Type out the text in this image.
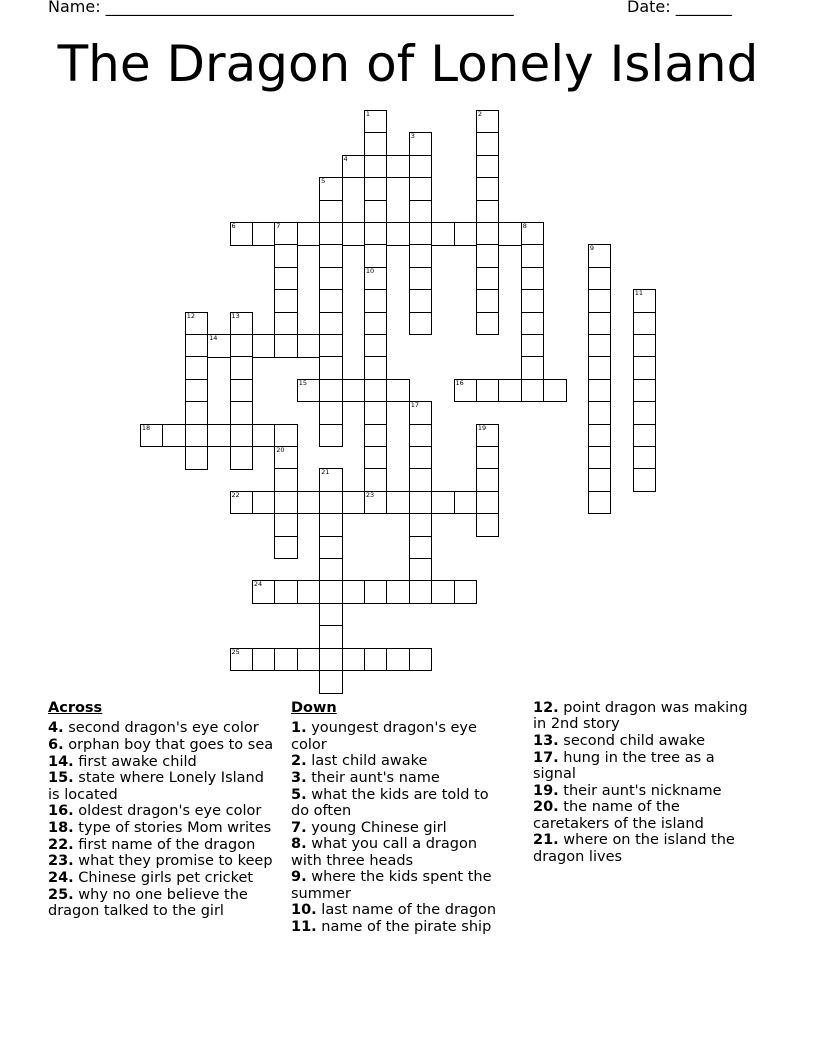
Name: ___________________________________________________	Date: _______
The Dragon of Lonely Island
1
10
2
3
4
5
6	7	8
9
11
12	13
14
15	16
17
18	19
20
21
22	23
24
25
Across
4. second dragon's eye color
6. orphan boy that goes to sea
14. first awake child
15. state where Lonely Island is located
16. oldest dragon's eye color
18. type of stories Mom writes
22. first name of the dragon
23. what they promise to keep
24. Chinese girls pet cricket
25. why no one believe the dragon talked to the girl
Down
1. youngest dragon's eye color
2. last child awake
3. their aunt's name
5. what the kids are told to do often
7. young Chinese girl
8. what you call a dragon with three heads
9. where the kids spent the summer
10. last name of the dragon
11. name of the pirate ship
12. point dragon was making in 2nd story
13. second child awake
17. hung in the tree as a signal
19. their aunt's nickname
20. the name of the caretakers of the island
21. where on the island the dragon lives
